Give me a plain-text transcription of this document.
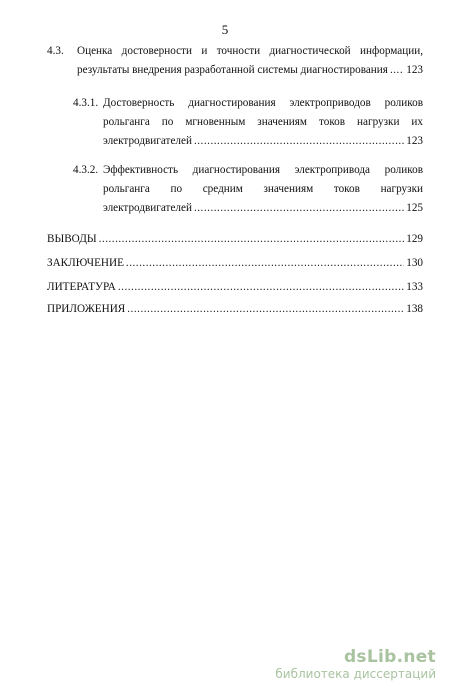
5
4.3. Оценка достоверности и точности диагностической информации,
результаты внедрения разработанной системы диагностирования ..... 123
4.3.1. Достоверность диагностирования электроприводов роликов
рольганга по мгновенным значениям токов нагрузки их
электродвигателей .....	123
4.3.2. Эффективность диагностирования электропривода роликов
рольганга по средним значениям токов нагрузки
электродвигателей .....	125
ВЫВОДЫ .....	129
ЗАКЛЮЧЕНИЕ .....	130
ЛИТЕРАТУРА .....	133
ПРИЛОЖЕНИЯ .....	138
dsLib.net
библиотека диссертаций
